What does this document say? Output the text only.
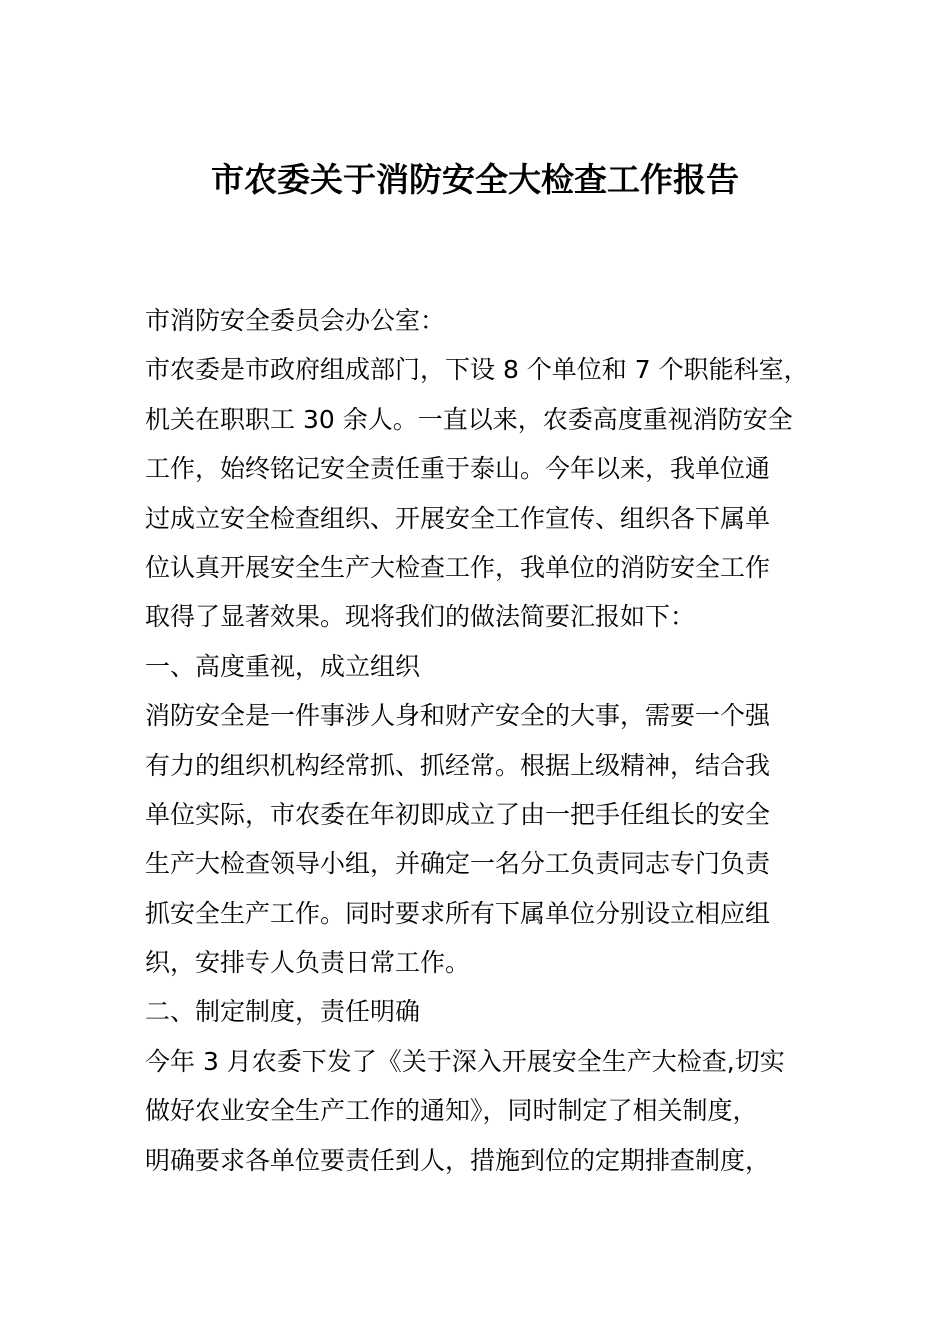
市农委关于消防安全大检查工作报告
市消防安全委员会办公室：
市农委是市政府组成部门，下设 8 个单位和 7 个职能科室，
机关在职职工 30 余人。一直以来，农委高度重视消防安全
工作，始终铭记安全责任重于泰山。今年以来，我单位通
过成立安全检查组织、开展安全工作宣传、组织各下属单
位认真开展安全生产大检查工作，我单位的消防安全工作
取得了显著效果。现将我们的做法简要汇报如下：
一、高度重视，成立组织
消防安全是一件事涉人身和财产安全的大事，需要一个强
有力的组织机构经常抓、抓经常。根据上级精神，结合我
单位实际，市农委在年初即成立了由一把手任组长的安全
生产大检查领导小组，并确定一名分工负责同志专门负责
抓安全生产工作。同时要求所有下属单位分别设立相应组
织，安排专人负责日常工作。
二、制定制度，责任明确
今年 3 月农委下发了《关于深入开展安全生产大检查,切实
做好农业安全生产工作的通知》，同时制定了相关制度，
明确要求各单位要责任到人，措施到位的定期排查制度，
